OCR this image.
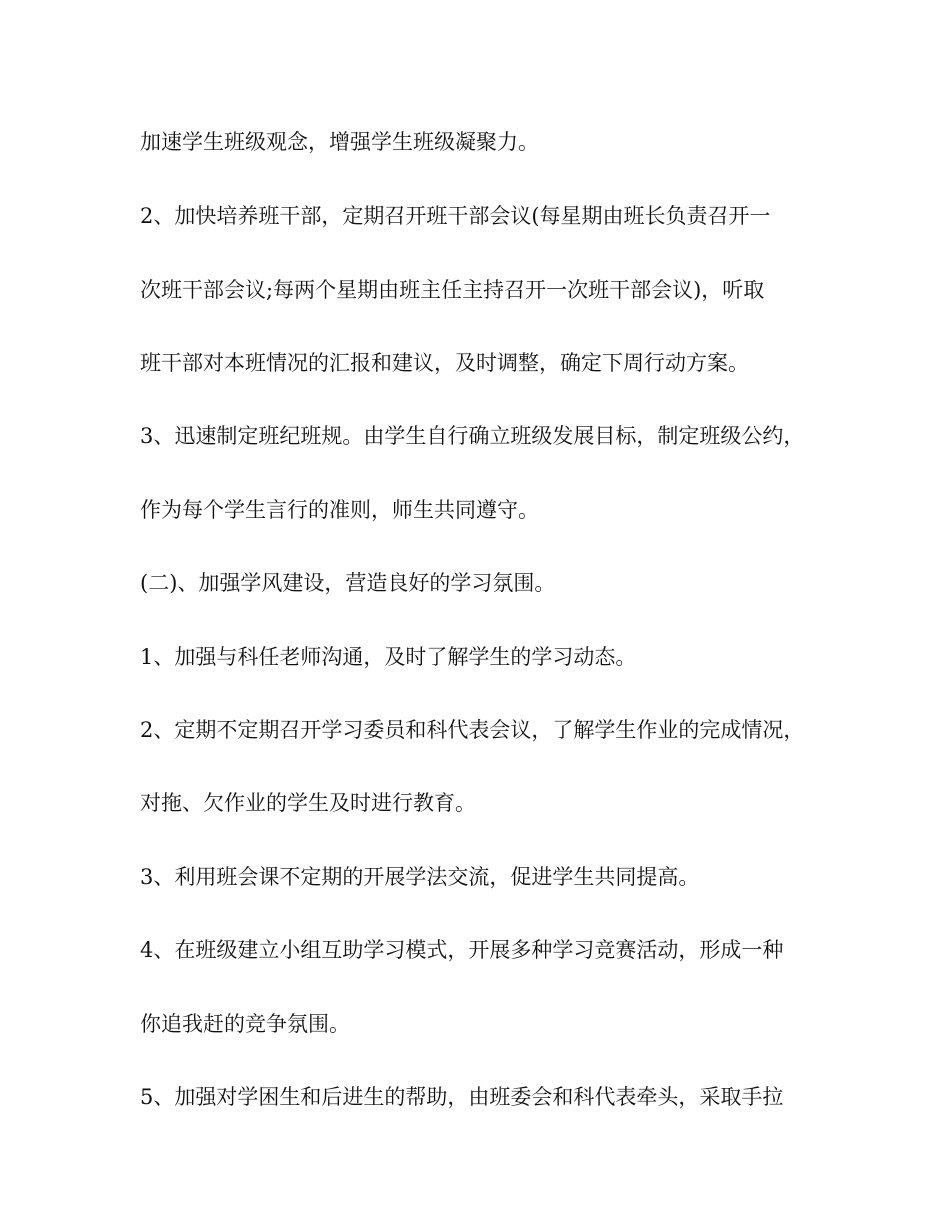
加速学生班级观念，增强学生班级凝聚力。
2、加快培养班干部，定期召开班干部会议(每星期由班长负责召开一
次班干部会议;每两个星期由班主任主持召开一次班干部会议)，听取
班干部对本班情况的汇报和建议，及时调整，确定下周行动方案。
3、迅速制定班纪班规。由学生自行确立班级发展目标，制定班级公约，
作为每个学生言行的准则，师生共同遵守。
(二)、加强学风建设，营造良好的学习氛围。
1、加强与科任老师沟通，及时了解学生的学习动态。
2、定期不定期召开学习委员和科代表会议，了解学生作业的完成情况，
对拖、欠作业的学生及时进行教育。
3、利用班会课不定期的开展学法交流，促进学生共同提高。
4、在班级建立小组互助学习模式，开展多种学习竞赛活动，形成一种
你追我赶的竞争氛围。
5、加强对学困生和后进生的帮助，由班委会和科代表牵头，采取手拉
